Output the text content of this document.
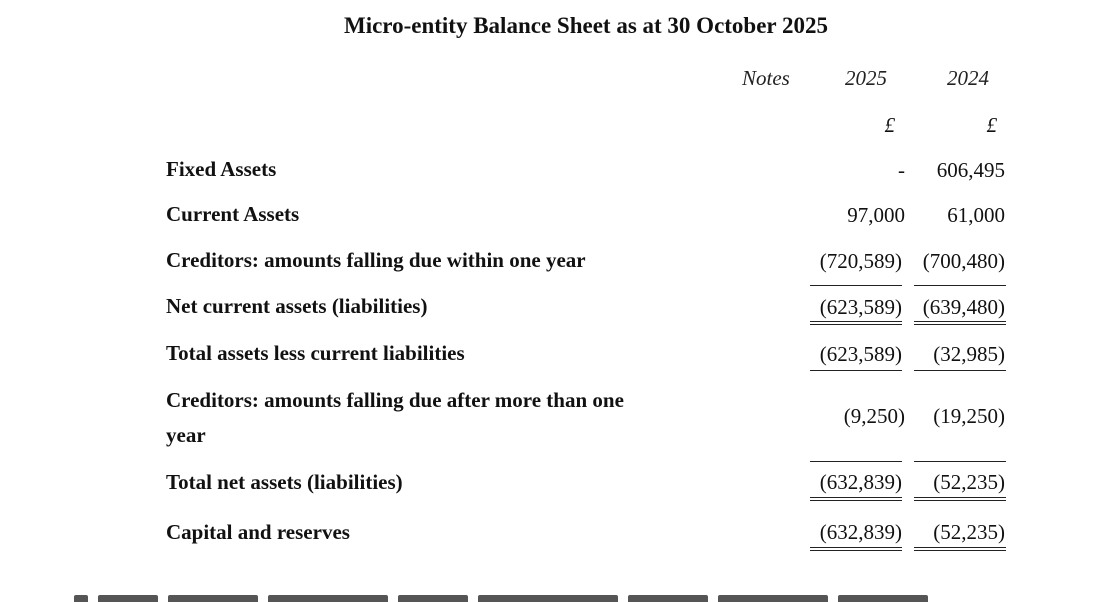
Micro-entity Balance Sheet as at 30 October 2025
Notes	2025	2024
£	£
Fixed Assets	- 606,495
Current Assets	97,000 61,000
Creditors: amounts falling due within one year	(720,589) (700,480)
Net current assets (liabilities)	(623,589) (639,480)
Total assets less current liabilities	(623,589) (32,985)
Creditors: amounts falling due after more than one
year
(9,250) (19,250)
Total net assets (liabilities)	(632,839) (52,235)
Capital and reserves	(632,839) (52,235)
